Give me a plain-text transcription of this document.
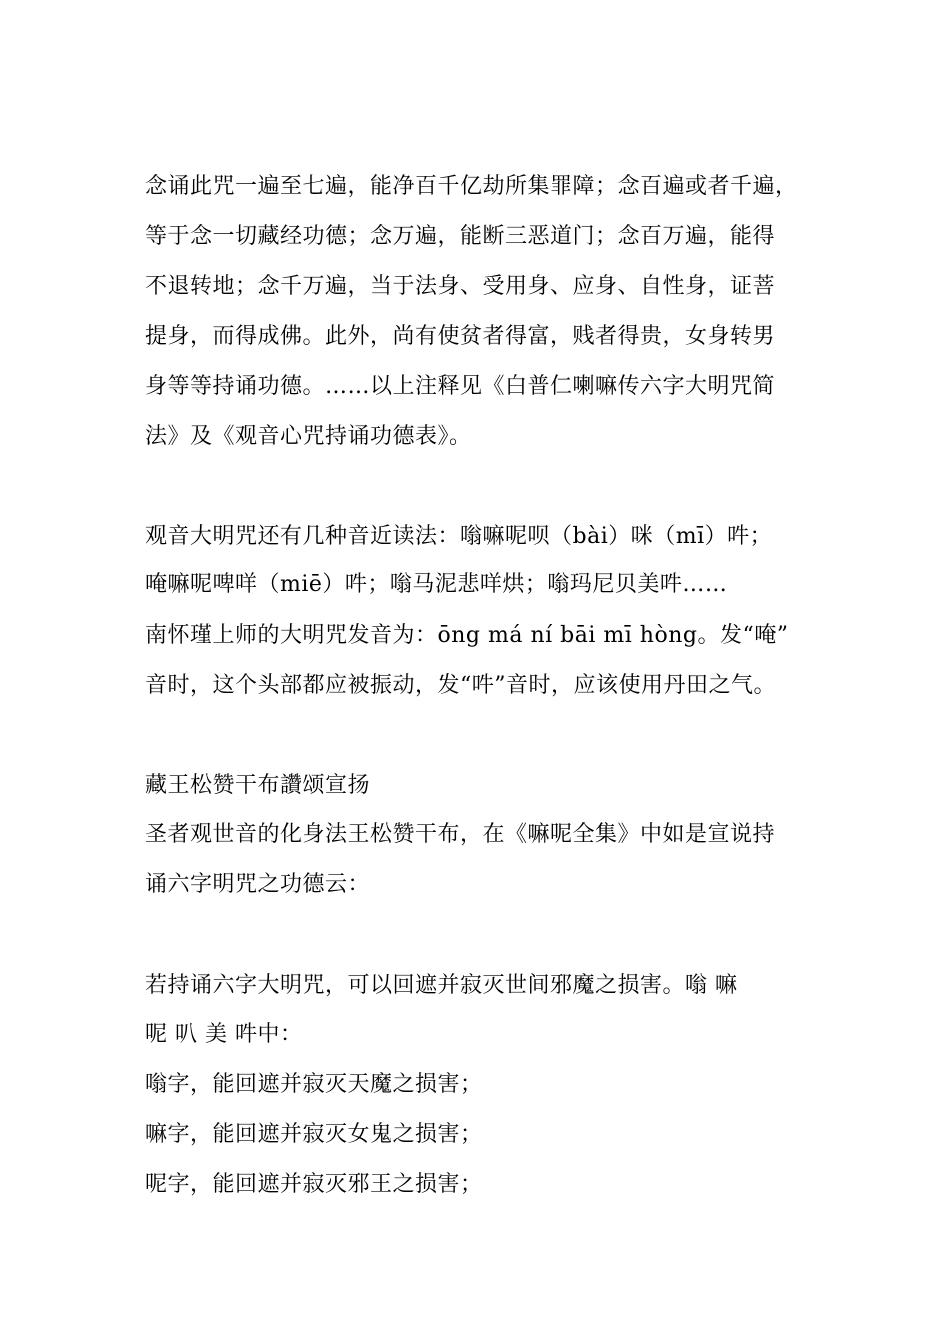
念诵此咒一遍至七遍，能净百千亿劫所集罪障；念百遍或者千遍，
等于念一切藏经功德；念万遍，能断三恶道门；念百万遍，能得
不退转地；念千万遍，当于法身、受用身、应身、自性身，证菩
提身，而得成佛。此外，尚有使贫者得富，贱者得贵，女身转男
身等等持诵功德。……以上注释见《白普仁喇嘛传六字大明咒简
法》及《观音心咒持诵功德表》。
观音大明咒还有几种音近读法：嗡嘛呢呗（bài）咪（mī）吽；
唵嘛呢啤咩（miē）吽；嗡马泥悲咩烘；嗡玛尼贝美吽……
南怀瑾上师的大明咒发音为：ōng má ní bāi mī hòng。发“唵”
音时，这个头部都应被振动，发“吽”音时，应该使用丹田之气。
藏王松赞干布讚颂宣扬
圣者观世音的化身法王松赞干布，在《嘛呢全集》中如是宣说持
诵六字明咒之功德云：
若持诵六字大明咒，可以回遮并寂灭世间邪魔之损害。嗡 嘛
呢 叭 美 吽中：
嗡字，能回遮并寂灭天魔之损害；
嘛字，能回遮并寂灭女鬼之损害；
呢字，能回遮并寂灭邪王之损害；
